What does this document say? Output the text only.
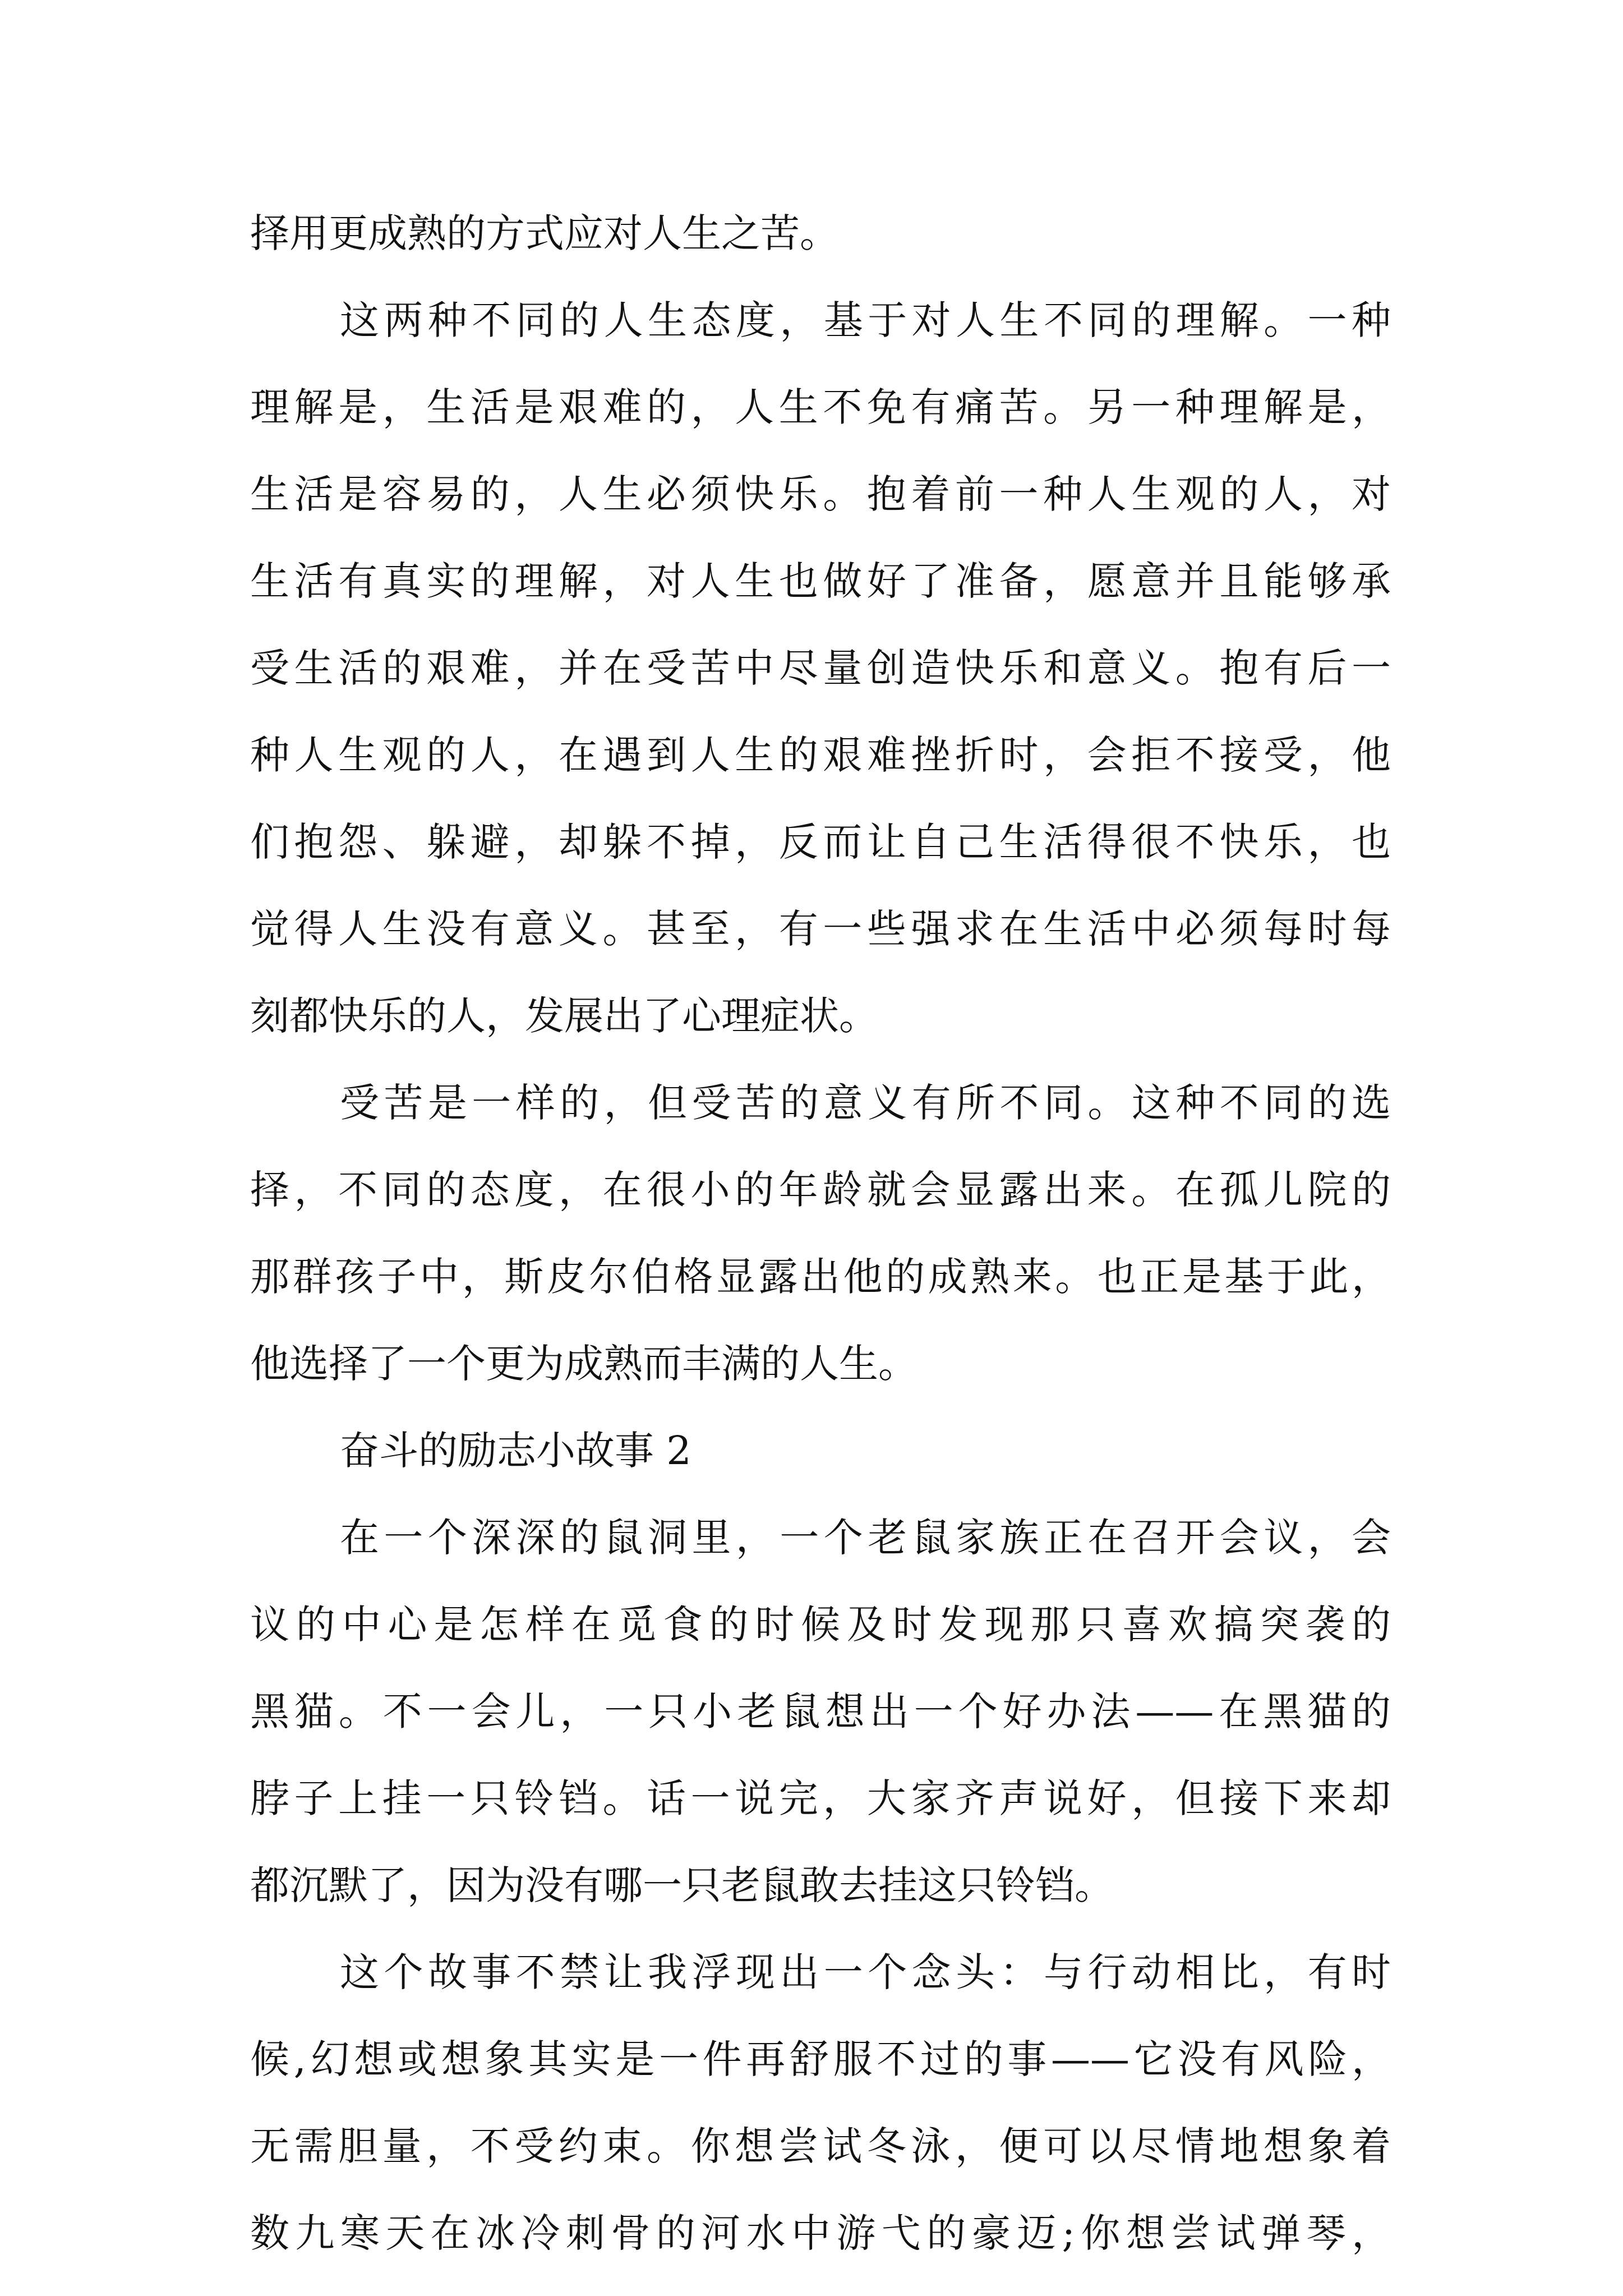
择用更成熟的方式应对人生之苦。

这两种不同的人生态度，基于对人生不同的理解。一种

理解是，生活是艰难的，人生不免有痛苦。另一种理解是，

生活是容易的，人生必须快乐。抱着前一种人生观的人，对

生活有真实的理解，对人生也做好了准备，愿意并且能够承

受生活的艰难，并在受苦中尽量创造快乐和意义。抱有后一

种人生观的人，在遇到人生的艰难挫折时，会拒不接受，他

们抱怨、躲避，却躲不掉，反而让自己生活得很不快乐，也

觉得人生没有意义。甚至，有一些强求在生活中必须每时每

刻都快乐的人，发展出了心理症状。

受苦是一样的，但受苦的意义有所不同。这种不同的选

择，不同的态度，在很小的年龄就会显露出来。在孤儿院的

那群孩子中，斯皮尔伯格显露出他的成熟来。也正是基于此，

他选择了一个更为成熟而丰满的人生。

奋斗的励志小故事 2

在一个深深的鼠洞里，一个老鼠家族正在召开会议，会

议的中心是怎样在觅食的时候及时发现那只喜欢搞突袭的

黑猫。不一会儿，一只小老鼠想出一个好办法——在黑猫的

脖子上挂一只铃铛。话一说完，大家齐声说好，但接下来却

都沉默了，因为没有哪一只老鼠敢去挂这只铃铛。

这个故事不禁让我浮现出一个念头：与行动相比，有时

候,幻想或想象其实是一件再舒服不过的事——它没有风险，

无需胆量，不受约束。你想尝试冬泳，便可以尽情地想象着

数九寒天在冰冷刺骨的河水中游弋的豪迈;你想尝试弹琴，
